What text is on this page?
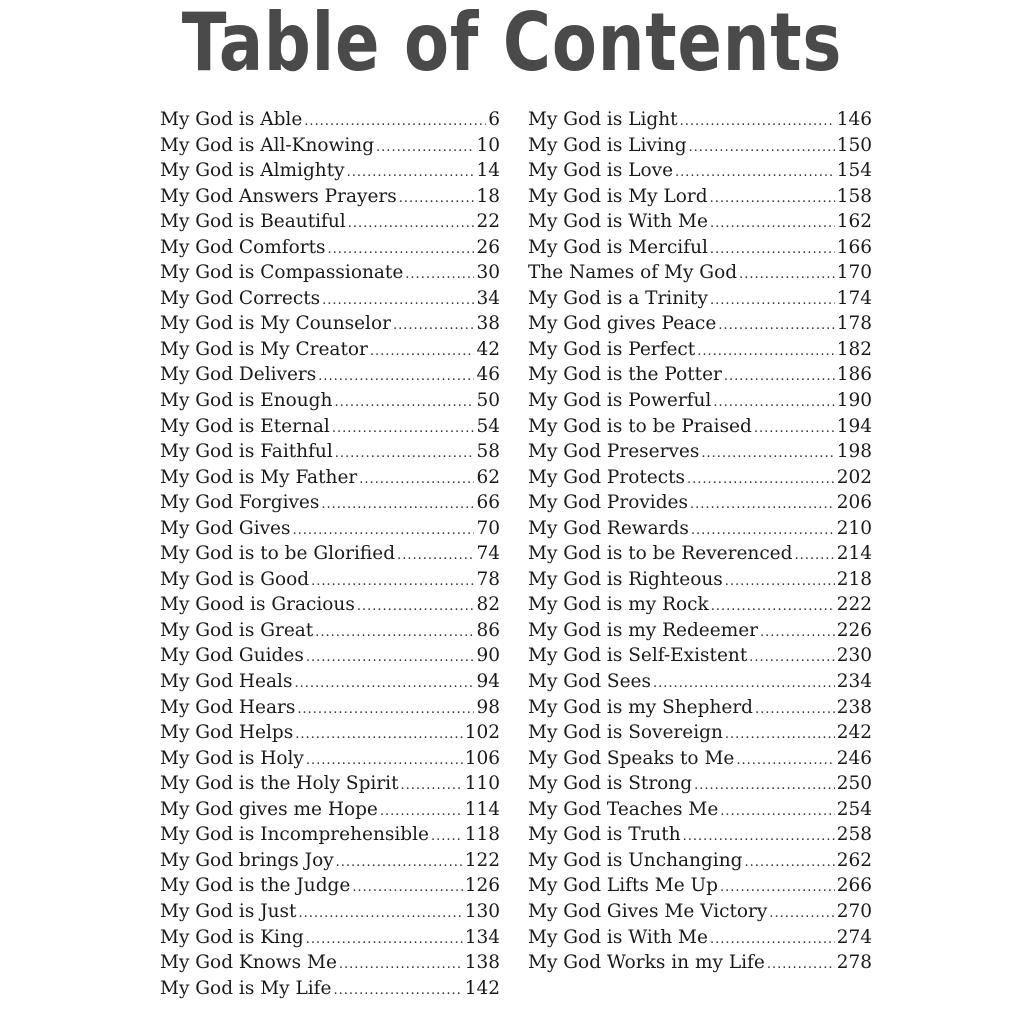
Table of Contents
My God is Able .....	6
My God is All-Knowing .....	10
My God is Almighty .....	14
My God Answers Prayers .....	18
My God is Beautiful .....	22
My God Comforts .....	26
My God is Compassionate .....	30
My God Corrects .....	34
My God is My Counselor .....	38
My God is My Creator .....	42
My God Delivers .....	46
My God is Enough .....	50
My God is Eternal .....	54
My God is Faithful .....	58
My God is My Father .....	62
My God Forgives .....	66
My God Gives .....	70
My God is to be Glorified .....	74
My God is Good .....	78
My Good is Gracious .....	82
My God is Great .....	86
My God Guides .....	90
My God Heals .....	94
My God Hears .....	98
My God Helps .....	102
My God is Holy .....	106
My God is the Holy Spirit .....	110
My God gives me Hope .....	114
My God is Incomprehensible ..... 118
My God brings Joy .....	122
My God is the Judge .....	126
My God is Just .....	130
My God is King .....	134
My God Knows Me .....	138
My God is My Life .....	142
My God is Light .....	146
My God is Living .....	150
My God is Love .....	154
My God is My Lord .....	158
My God is With Me .....	162
My God is Merciful .....	166
The Names of My God .....	170
My God is a Trinity .....	174
My God gives Peace .....	178
My God is Perfect .....	182
My God is the Potter .....	186
My God is Powerful .....	190
My God is to be Praised .....	194
My God Preserves .....	198
My God Protects .....	202
My God Provides .....	206
My God Rewards .....	210
My God is to be Reverenced ..... 214
My God is Righteous .....	218
My God is my Rock .....	222
My God is my Redeemer .....	226
My God is Self-Existent .....	230
My God Sees .....	234
My God is my Shepherd .....	238
My God is Sovereign .....	242
My God Speaks to Me .....	246
My God is Strong .....	250
My God Teaches Me .....	254
My God is Truth .....	258
My God is Unchanging .....	262
My God Lifts Me Up .....	266
My God Gives Me Victory .....	270
My God is With Me .....	274
My God Works in my Life .....	278
